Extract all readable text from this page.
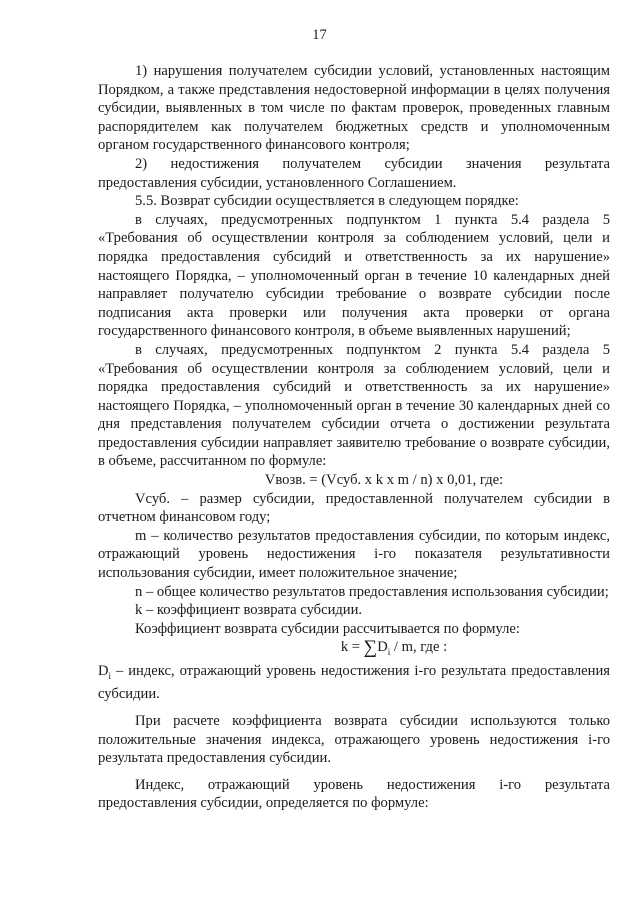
17

1) нарушения получателем субсидии условий, установленных настоящим Порядком, а также представления недостоверной информации в целях получения субсидии, выявленных в том числе по фактам проверок, проведенных главным распорядителем как получателем бюджетных средств и уполномоченным органом государственного финансового контроля;

2) недостижения получателем субсидии значения результата предоставления субсидии, установленного Соглашением.

5.5. Возврат субсидии осуществляется в следующем порядке:

в случаях, предусмотренных подпунктом 1 пункта 5.4 раздела 5 «Требования об осуществлении контроля за соблюдением условий, цели и порядка предоставления субсидий и ответственность за их нарушение» настоящего Порядка, – уполномоченный орган в течение 10 календарных дней направляет получателю субсидии требование о возврате субсидии после подписания акта проверки или получения акта проверки от органа государственного финансового контроля, в объеме выявленных нарушений;

в случаях, предусмотренных подпунктом 2 пункта 5.4 раздела 5 «Требования об осуществлении контроля за соблюдением условий, цели и порядка предоставления субсидий и ответственность за их нарушение» настоящего Порядка, – уполномоченный орган в течение 30 календарных дней со дня представления получателем субсидии отчета о достижении результата предоставления субсидии направляет заявителю требование о возврате субсидии, в объеме, рассчитанном по формуле:

Vвозв. = (Vсуб. x k x m / n) x 0,01, где:

Vсуб. – размер субсидии, предоставленной получателем субсидии в отчетном финансовом году;

m – количество результатов предоставления субсидии, по которым индекс, отражающий уровень недостижения i-го показателя результативности использования субсидии, имеет положительное значение;

n – общее количество результатов предоставления использования субсидии;

k – коэффициент возврата субсидии.

Коэффициент возврата субсидии рассчитывается по формуле:

$k = \sum D_i / m$, где :

$D_i$ – индекс, отражающий уровень недостижения i-го результата предоставления субсидии.

При расчете коэффициента возврата субсидии используются только положительные значения индекса, отражающего уровень недостижения i-го результата предоставления субсидии.

Индекс, отражающий уровень недостижения i-го результата предоставления субсидии, определяется по формуле:
